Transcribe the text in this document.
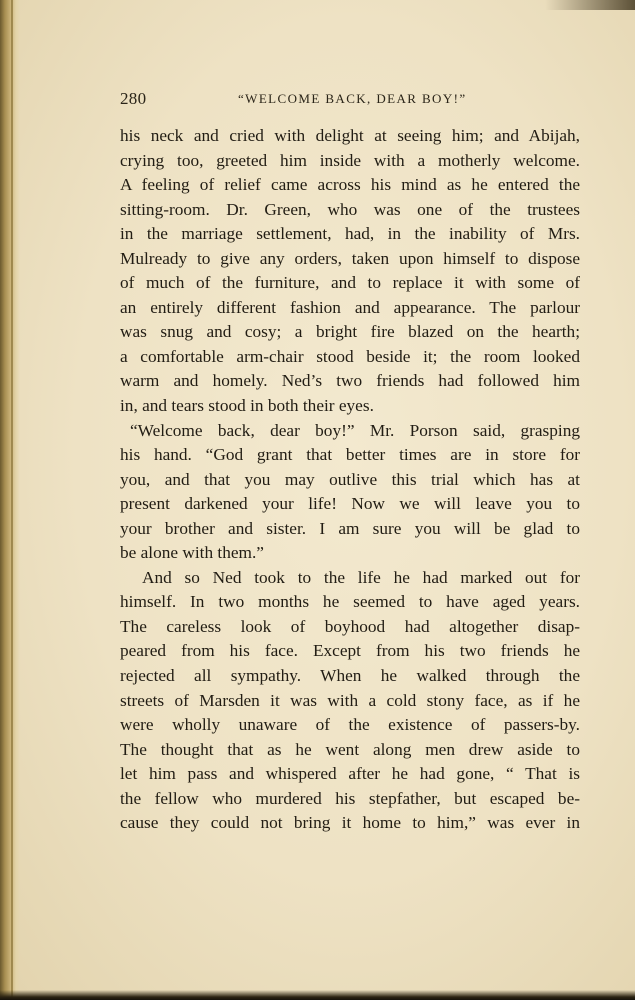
280	“WELCOME BACK, DEAR BOY!”
his neck and cried with delight at seeing him; and Abijah,
crying too, greeted him inside with a motherly welcome.
A feeling of relief came across his mind as he entered the
sitting-room. Dr. Green, who was one of the trustees
in the marriage settlement, had, in the inability of Mrs.
Mulready to give any orders, taken upon himself to dispose
of much of the furniture, and to replace it with some of
an entirely different fashion and appearance. The parlour
was snug and cosy; a bright fire blazed on the hearth;
a comfortable arm-chair stood beside it; the room looked
warm and homely. Ned’s two friends had followed him
in, and tears stood in both their eyes.
“Welcome back, dear boy!” Mr. Porson said, grasping
his hand. “God grant that better times are in store for
you, and that you may outlive this trial which has at
present darkened your life! Now we will leave you to
your brother and sister. I am sure you will be glad to
be alone with them.”
And so Ned took to the life he had marked out for
himself. In two months he seemed to have aged years.
The careless look of boyhood had altogether disap-
peared from his face. Except from his two friends he
rejected all sympathy. When he walked through the
streets of Marsden it was with a cold stony face, as if he
were wholly unaware of the existence of passers-by.
The thought that as he went along men drew aside to
let him pass and whispered after he had gone, “ That is
the fellow who murdered his stepfather, but escaped be-
cause they could not bring it home to him,” was ever in
